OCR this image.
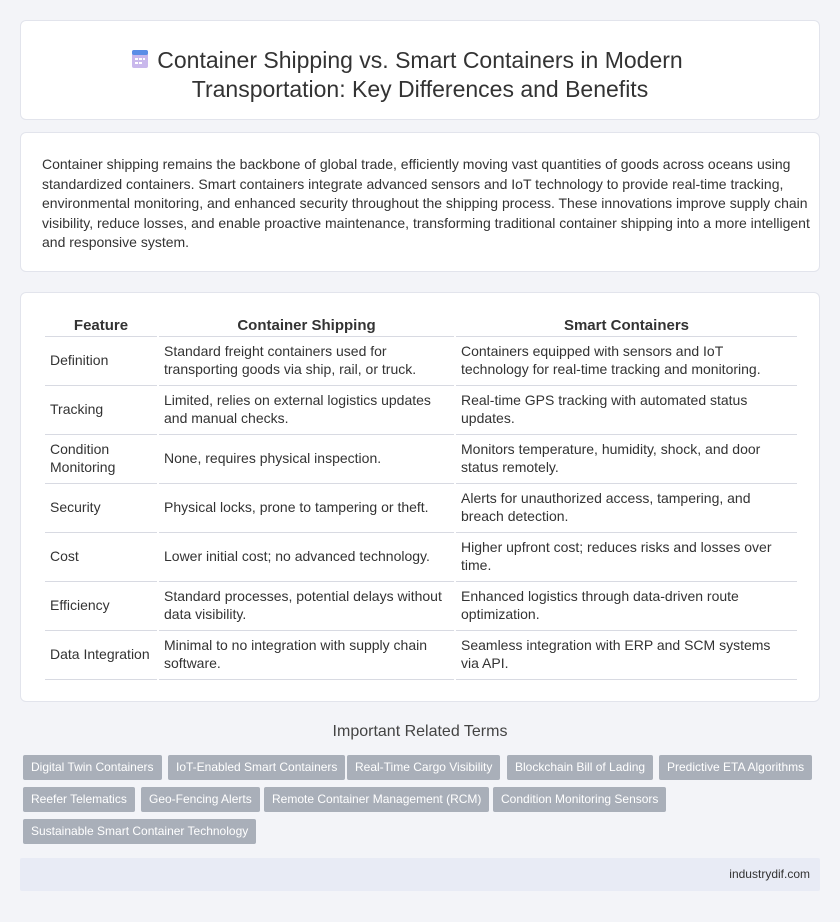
Container Shipping vs. Smart Containers in Modern
Transportation: Key Differences and Benefits

Container shipping remains the backbone of global trade, efficiently moving vast quantities of goods across oceans using standardized containers. Smart containers integrate advanced sensors and IoT technology to provide real-time tracking, environmental monitoring, and enhanced security throughout the shipping process. These innovations improve supply chain visibility, reduce losses, and enable proactive maintenance, transforming traditional container shipping into a more intelligent and responsive system.

Feature	Container Shipping	Smart Containers
Definition	Standard freight containers used for transporting goods via ship, rail, or truck.	Containers equipped with sensors and IoT technology for real-time tracking and monitoring.
Tracking	Limited, relies on external logistics updates and manual checks.	Real-time GPS tracking with automated status updates.
Condition Monitoring	None, requires physical inspection.	Monitors temperature, humidity, shock, and door status remotely.
Security	Physical locks, prone to tampering or theft.	Alerts for unauthorized access, tampering, and breach detection.
Cost	Lower initial cost; no advanced technology.	Higher upfront cost; reduces risks and losses over time.
Efficiency	Standard processes, potential delays without data visibility.	Enhanced logistics through data-driven route optimization.
Data Integration	Minimal to no integration with supply chain software.	Seamless integration with ERP and SCM systems via API.
Important Related Terms
Digital Twin Containers	IoT-Enabled Smart Containers	Real-Time Cargo Visibility	Blockchain Bill of Lading	Predictive ETA Algorithms
Reefer Telematics	Geo-Fencing Alerts	Remote Container Management (RCM)	Condition Monitoring Sensors
Sustainable Smart Container Technology
industrydif.com
